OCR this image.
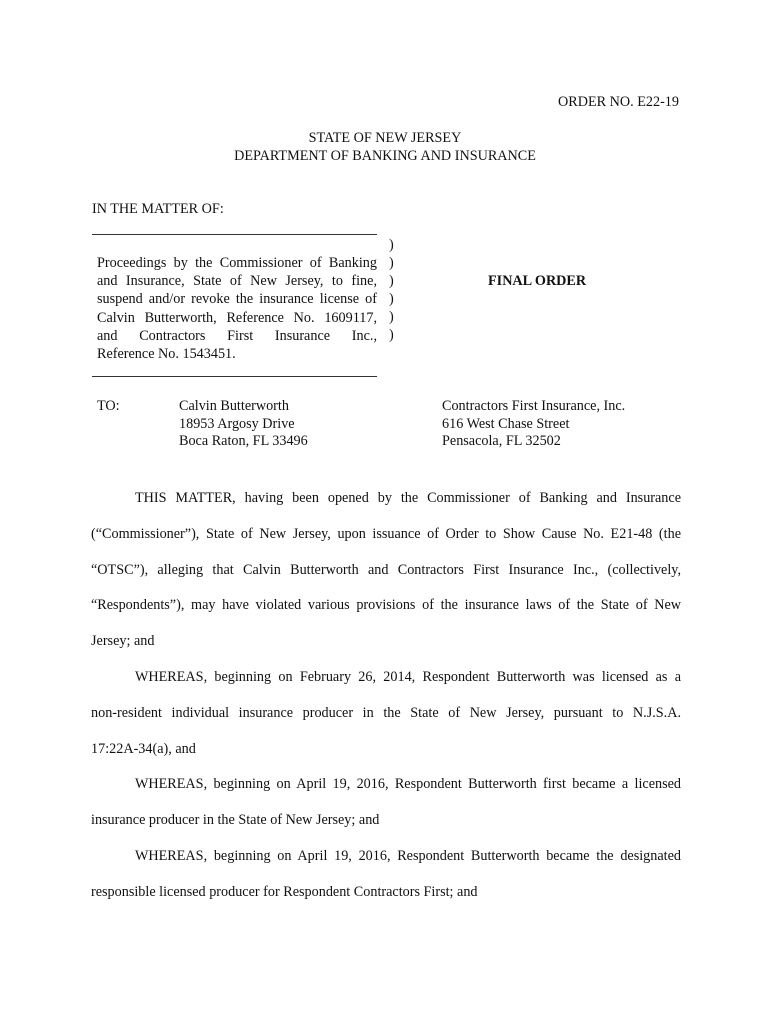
ORDER NO. E22-19
STATE OF NEW JERSEY
DEPARTMENT OF BANKING AND INSURANCE
IN THE MATTER OF:
Proceedings by the Commissioner of Banking
and Insurance, State of New Jersey, to fine,
suspend and/or revoke the insurance license of
Calvin Butterworth, Reference No. 1609117,
and Contractors First Insurance Inc.,
Reference No. 1543451.
)
)
)
)
)
)
FINAL ORDER
TO:	Calvin Butterworth
18953 Argosy Drive
Boca Raton, FL 33496
Contractors First Insurance, Inc.
616 West Chase Street
Pensacola, FL 32502
THIS MATTER, having been opened by the Commissioner of Banking and Insurance
(“Commissioner”), State of New Jersey, upon issuance of Order to Show Cause No. E21-48 (the
“OTSC”), alleging that Calvin Butterworth and Contractors First Insurance Inc., (collectively,
“Respondents”), may have violated various provisions of the insurance laws of the State of New
Jersey; and
WHEREAS, beginning on February 26, 2014, Respondent Butterworth was licensed as a
non-resident individual insurance producer in the State of New Jersey, pursuant to N.J.S.A.
17:22A-34(a), and
WHEREAS, beginning on April 19, 2016, Respondent Butterworth first became a licensed
insurance producer in the State of New Jersey; and
WHEREAS, beginning on April 19, 2016, Respondent Butterworth became the designated
responsible licensed producer for Respondent Contractors First; and
